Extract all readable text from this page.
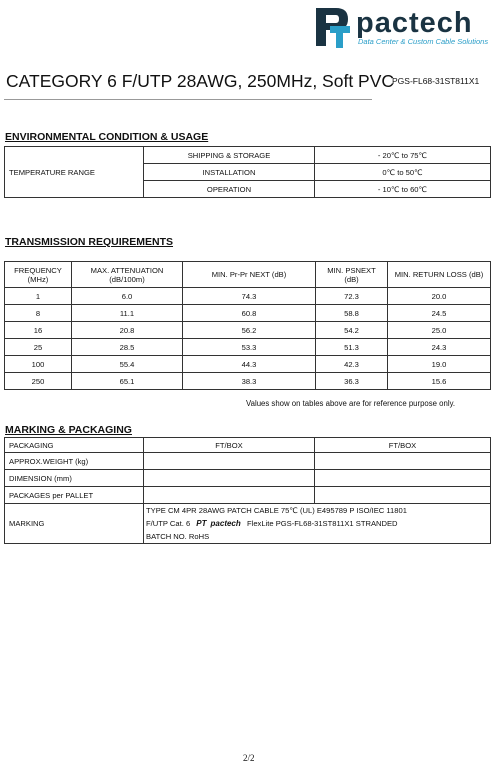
pactech
Data Center & Custom Cable Solutions
CATEGORY 6 F/UTP 28AWG, 250MHz, Soft PVC
PGS-FL68-31ST811X1
ENVIRONMENTAL CONDITION & USAGE
TEMPERATURE RANGE	SHIPPING & STORAGE	- 20℃ to 75℃
	INSTALLATION	0℃ to 50℃
	OPERATION	- 10℃ to 60℃
TRANSMISSION REQUIREMENTS
FREQUENCY
(MHz)	MAX. ATTENUATION
(dB/100m)	MIN. Pr-Pr NEXT (dB)	MIN. PSNEXT
(dB)	MIN. RETURN LOSS (dB)
1	6.0	74.3	72.3	20.0
8	11.1	60.8	58.8	24.5
16	20.8	56.2	54.2	25.0
25	28.5	53.3	51.3	24.3
100	55.4	44.3	42.3	19.0
250	65.1	38.3	36.3	15.6
Values show on tables above are for reference purpose only.
MARKING & PACKAGING
PACKAGING	FT/BOX	FT/BOX
APPROX.WEIGHT (kg)		
DIMENSION (mm)		
PACKAGES per PALLET		
MARKING	TYPE CM 4PR 28AWG PATCH CABLE 75℃ (UL) E495789 P ISO/IEC 11801
F/UTP Cat. 6 PT pactech FlexLite PGS-FL68-31ST811X1 STRANDED
BATCH NO. RoHS	
2/2
